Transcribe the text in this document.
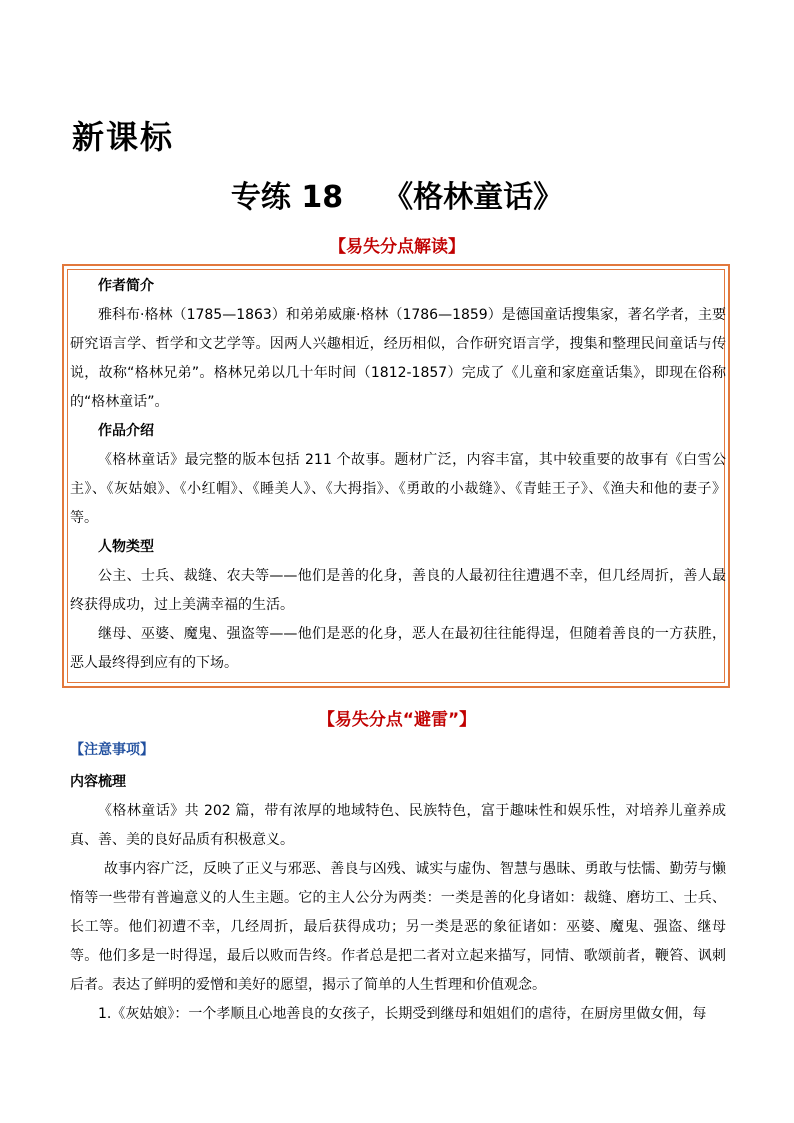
新课标
专练 18 《格林童话》
【易失分点解读】
作者简介
雅科布·格林（1785—1863）和弟弟威廉·格林（1786—1859）是德国童话搜集家，著名学者，主要研究语言学、哲学和文艺学等。因两人兴趣相近，经历相似，合作研究语言学，搜集和整理民间童话与传说，故称“格林兄弟”。格林兄弟以几十年时间（1812-1857）完成了《儿童和家庭童话集》，即现在俗称的“格林童话”。
作品介绍
《格林童话》最完整的版本包括 211 个故事。题材广泛，内容丰富，其中较重要的故事有《白雪公主》、《灰姑娘》、《小红帽》、《睡美人》、《大拇指》、《勇敢的小裁缝》、《青蛙王子》、《渔夫和他的妻子》等。
人物类型
公主、士兵、裁缝、农夫等——他们是善的化身，善良的人最初往往遭遇不幸，但几经周折，善人最终获得成功，过上美满幸福的生活。
继母、巫婆、魔鬼、强盗等——他们是恶的化身，恶人在最初往往能得逞，但随着善良的一方获胜，恶人最终得到应有的下场。
【易失分点“避雷”】
【注意事项】
内容梳理
《格林童话》共 202 篇，带有浓厚的地域特色、民族特色，富于趣味性和娱乐性，对培养儿童养成真、善、美的良好品质有积极意义。
故事内容广泛，反映了正义与邪恶、善良与凶残、诚实与虚伪、智慧与愚昧、勇敢与怯懦、勤劳与懒惰等一些带有普遍意义的人生主题。它的主人公分为两类：一类是善的化身诸如：裁缝、磨坊工、士兵、长工等。他们初遭不幸，几经周折，最后获得成功；另一类是恶的象征诸如：巫婆、魔鬼、强盗、继母等。他们多是一时得逞，最后以败而告终。作者总是把二者对立起来描写，同情、歌颂前者，鞭笞、讽刺后者。表达了鲜明的爱憎和美好的愿望，揭示了简单的人生哲理和价值观念。
1.《灰姑娘》：一个孝顺且心地善良的女孩子，长期受到继母和姐姐们的虐待，在厨房里做女佣，每
